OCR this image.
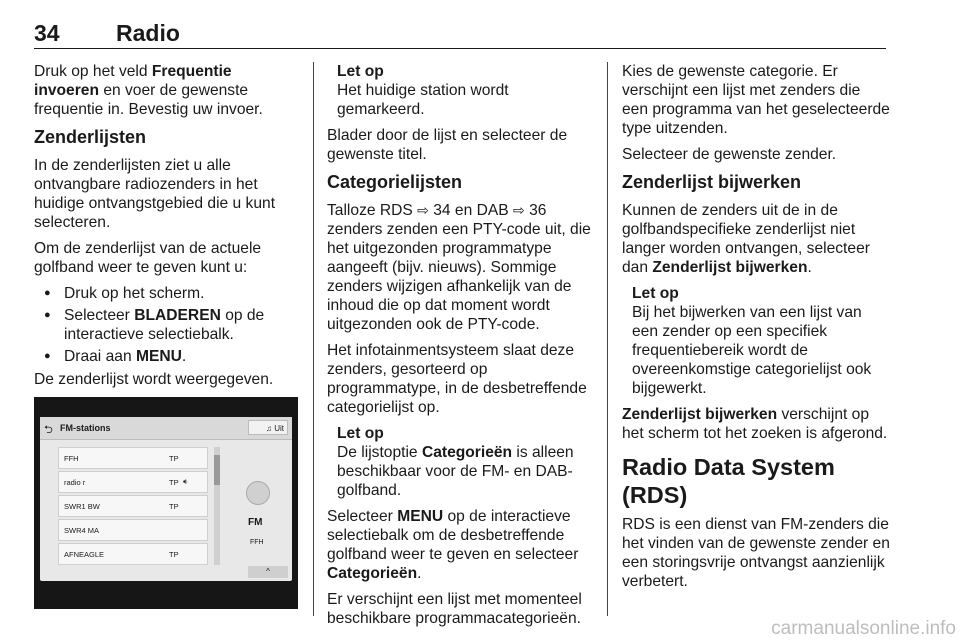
34 Radio

Druk op het veld Frequentie invoeren en voer de gewenste frequentie in. Bevestig uw invoer.

Zenderlijsten

In de zenderlijsten ziet u alle ontvangbare radiozenders in het huidige ontvangstgebied die u kunt selecteren.

Om de zenderlijst van de actuele golfband weer te geven kunt u:

● Druk op het scherm.
● Selecteer BLADEREN op de interactieve selectiebalk.
● Draai aan MENU.

De zenderlijst wordt weergegeven.

⮌ FM-stations	♫ Uit
FFH	TP
radio r	TP 🔉︎
SWR1 BW	TP
SWR4 MA
AFNEAGLE	TP
FM
FFH
^
Let op
Het huidige station wordt gemarkeerd.

Blader door de lijst en selecteer de gewenste titel.

Categorielijsten

Talloze RDS ⇨ 34 en DAB ⇨ 36 zenders zenden een PTY-code uit, die het uitgezonden programmatype aangeeft (bijv. nieuws). Sommige zenders wijzigen afhankelijk van de inhoud die op dat moment wordt uitgezonden ook de PTY-code.

Het infotainmentsysteem slaat deze zenders, gesorteerd op programmatype, in de desbetreffende categorielijst op.

Let op
De lijstoptie Categorieën is alleen beschikbaar voor de FM- en DAB-golfband.

Selecteer MENU op de interactieve selectiebalk om de desbetreffende golfband weer te geven en selecteer Categorieën.

Er verschijnt een lijst met momenteel beschikbare programmacategorieën.

Kies de gewenste categorie. Er verschijnt een lijst met zenders die een programma van het geselecteerde type uitzenden.

Selecteer de gewenste zender.

Zenderlijst bijwerken

Kunnen de zenders uit de in de golfbandspecifieke zenderlijst niet langer worden ontvangen, selecteer dan Zenderlijst bijwerken.

Let op
Bij het bijwerken van een lijst van een zender op een specifiek frequentiebereik wordt de overeenkomstige categorielijst ook bijgewerkt.

Zenderlijst bijwerken verschijnt op het scherm tot het zoeken is afgerond.

Radio Data System (RDS)

RDS is een dienst van FM-zenders die het vinden van de gewenste zender en een storingsvrije ontvangst aanzienlijk verbetert.

carmanualsonline.info
